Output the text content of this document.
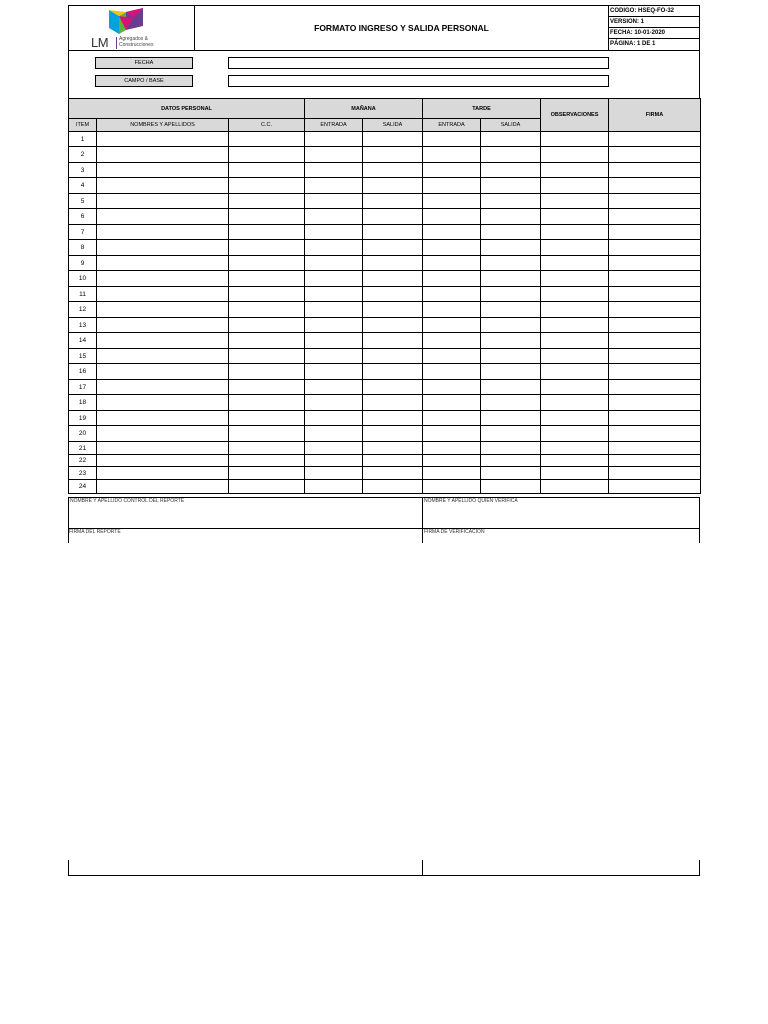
LM Agregados &
Construcciones
FORMATO INGRESO Y SALIDA PERSONAL
CODIGO: HSEQ-FO-32
VERSION: 1
FECHA: 10-01-2020
PÁGINA: 1 DE 1
FECHA
CAMPO / BASE
DATOS PERSONAL			MAÑANA		TARDE		OBSERVACIONES	FIRMA
ITEM	NOMBRES Y APELLIDOS	C.C.	ENTRADA	SALIDA	ENTRADA	SALIDA		
1								
2								
3								
4								
5								
6								
7								
8								
9								
10								
11								
12								
13								
14								
15								
16								
17								
18								
19								
20								
21								
22								
23								
24								
NOMBRE Y APELLIDO CONTROL DEL REPORTE	NOMBRE Y APELLIDO QUIEN VERIFICA
FIRMA DEL REPORTE	FIRMA DE VERIFICACION
